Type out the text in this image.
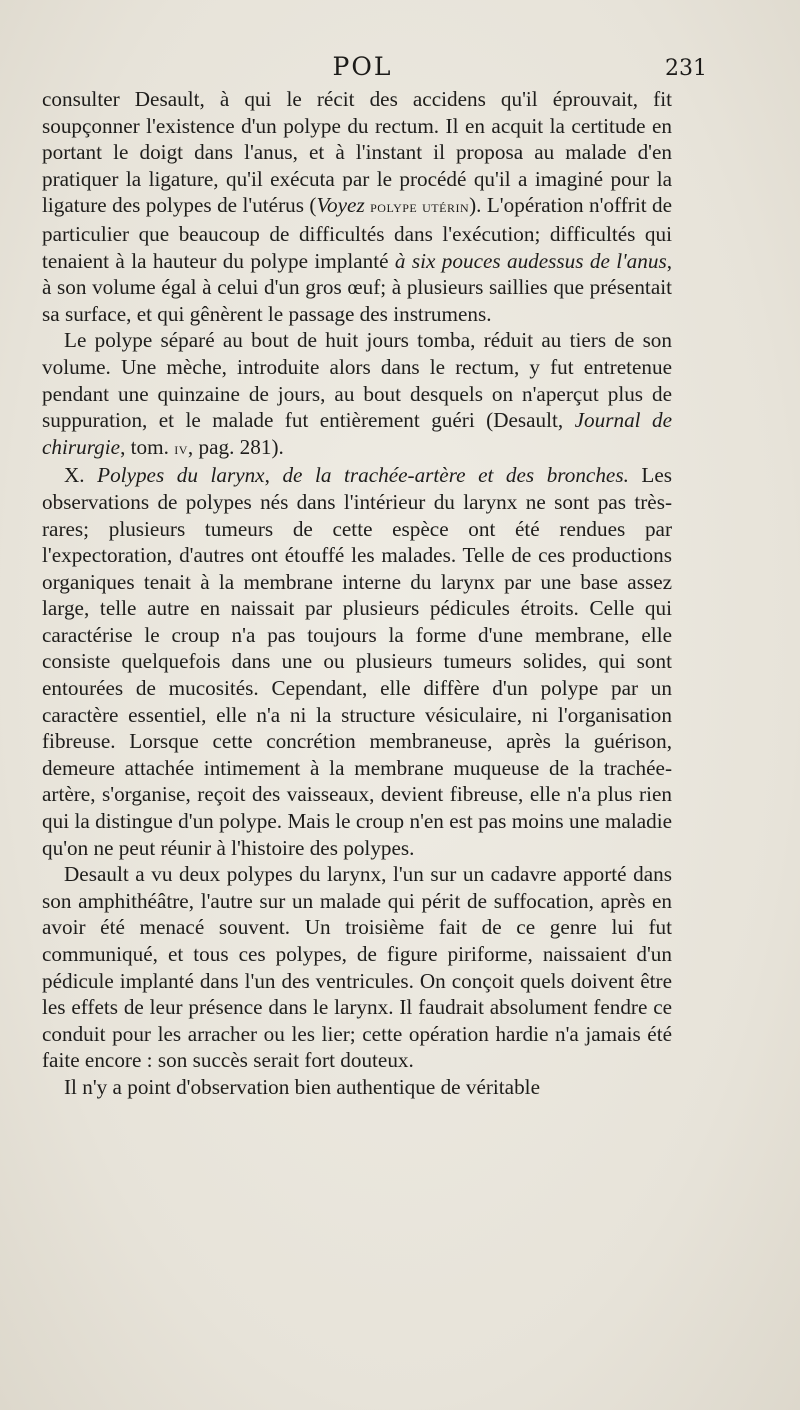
POL	231

consulter Desault, à qui le récit des accidens qu'il éprouvait, fit soupçonner l'existence d'un polype du rectum. Il en acquit la certitude en portant le doigt dans l'anus, et à l'instant il proposa au malade d'en pratiquer la ligature, qu'il exécuta par le procédé qu'il a imaginé pour la ligature des polypes de l'utérus (Voyez polype utérin). L'opération n'offrit de particulier que beaucoup de difficultés dans l'exécution; difficultés qui tenaient à la hauteur du polype implanté à six pouces audessus de l'anus, à son volume égal à celui d'un gros œuf; à plusieurs saillies que présentait sa surface, et qui gênèrent le passage des instrumens.

Le polype séparé au bout de huit jours tomba, réduit au tiers de son volume. Une mèche, introduite alors dans le rectum, y fut entretenue pendant une quinzaine de jours, au bout desquels on n'aperçut plus de suppuration, et le malade fut entièrement guéri (Desault, Journal de chirurgie, tom. iv, pag. 281).

X. Polypes du larynx, de la trachée-artère et des bronches. Les observations de polypes nés dans l'intérieur du larynx ne sont pas très-rares; plusieurs tumeurs de cette espèce ont été rendues par l'expectoration, d'autres ont étouffé les malades. Telle de ces productions organiques tenait à la membrane interne du larynx par une base assez large, telle autre en naissait par plusieurs pédicules étroits. Celle qui caractérise le croup n'a pas toujours la forme d'une membrane, elle consiste quelquefois dans une ou plusieurs tumeurs solides, qui sont entourées de mucosités. Cependant, elle diffère d'un polype par un caractère essentiel, elle n'a ni la structure vésiculaire, ni l'organisation fibreuse. Lorsque cette concrétion membraneuse, après la guérison, demeure attachée intimement à la membrane muqueuse de la trachée-artère, s'organise, reçoit des vaisseaux, devient fibreuse, elle n'a plus rien qui la distingue d'un polype. Mais le croup n'en est pas moins une maladie qu'on ne peut réunir à l'histoire des polypes.

Desault a vu deux polypes du larynx, l'un sur un cadavre apporté dans son amphithéâtre, l'autre sur un malade qui périt de suffocation, après en avoir été menacé souvent. Un troisième fait de ce genre lui fut communiqué, et tous ces polypes, de figure piriforme, naissaient d'un pédicule implanté dans l'un des ventricules. On conçoit quels doivent être les effets de leur présence dans le larynx. Il faudrait absolument fendre ce conduit pour les arracher ou les lier; cette opération hardie n'a jamais été faite encore : son succès serait fort douteux.

Il n'y a point d'observation bien authentique de véritable
